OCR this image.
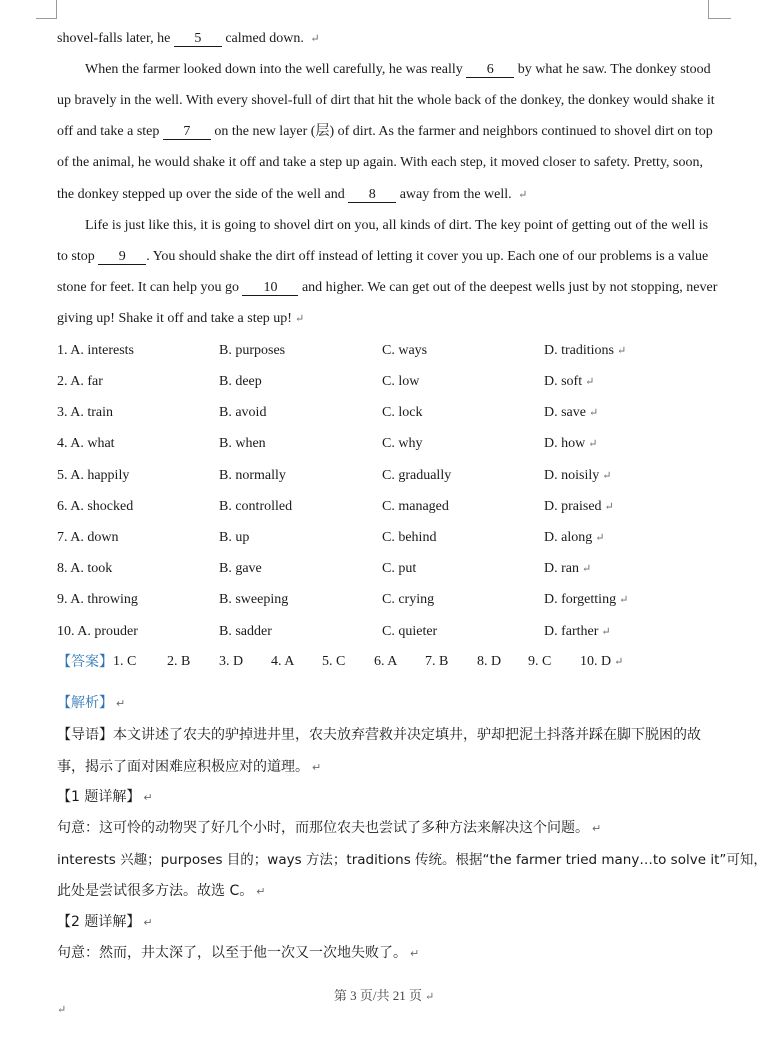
shovel-falls later, he 5 calmed down. ↵
When the farmer looked down into the well carefully, he was really 6 by what he saw. The donkey stood
up bravely in the well. With every shovel-full of dirt that hit the whole back of the donkey, the donkey would shake it
off and take a step 7 on the new layer (层) of dirt. As the farmer and neighbors continued to shovel dirt on top
of the animal, he would shake it off and take a step up again. With each step, it moved closer to safety. Pretty, soon,
the donkey stepped up over the side of the well and 8 away from the well. ↵
Life is just like this, it is going to shovel dirt on you, all kinds of dirt. The key point of getting out of the well is
to stop 9 . You should shake the dirt off instead of letting it cover you up. Each one of our problems is a value
stone for feet. It can help you go 10 and higher. We can get out of the deepest wells just by not stopping, never
giving up! Shake it off and take a step up! ↵
1. A. interests	B. purposes	C. ways	D. traditions ↵
2. A. far	B. deep	C. low	D. soft ↵
3. A. train	B. avoid	C. lock	D. save ↵
4. A. what	B. when	C. why	D. how ↵
5. A. happily	B. normally	C. gradually	D. noisily ↵
6. A. shocked	B. controlled	C. managed	D. praised ↵
7. A. down	B. up	C. behind	D. along ↵
8. A. took	B. gave	C. put	D. ran ↵
9. A. throwing	B. sweeping	C. crying	D. forgetting ↵
10. A. prouder	B. sadder	C. quieter	D. farther ↵
【答案】 1. C 2. B 3. D 4. A 5. C 6. A 7. B 8. D 9. C 10. D ↵
【解析】 ↵
【导语】本文讲述了农夫的驴掉进井里，农夫放弃营救并决定填井，驴却把泥土抖落并踩在脚下脱困的故
事，揭示了面对困难应积极应对的道理。 ↵
【1 题详解】 ↵
句意：这可怜的动物哭了好几个小时，而那位农夫也尝试了多种方法来解决这个问题。 ↵
interests 兴趣；purposes 目的；ways 方法；traditions 传统。根据“the farmer tried many…to solve it”可知，
此处是尝试很多方法。故选 C。 ↵
【2 题详解】 ↵
句意：然而，井太深了，以至于他一次又一次地失败了。 ↵
第 3 页/共 21 页 ↵
↵
